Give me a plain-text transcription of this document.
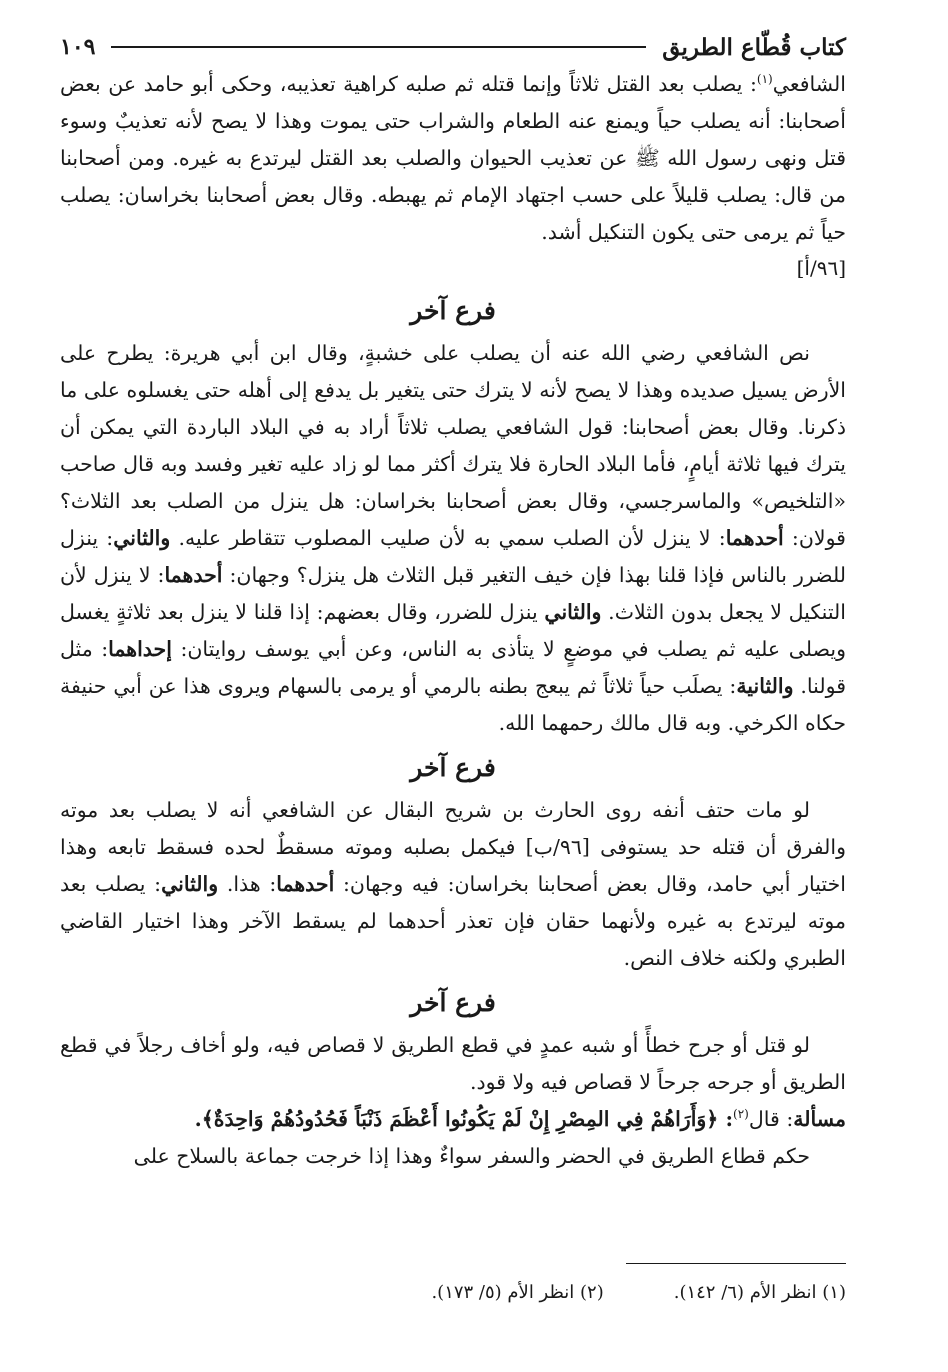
كتاب قُطّاع الطريق
١٠٩

الشافعي$^{(١)}$: يصلب بعد القتل ثلاثاً وإنما قتله ثم صلبه كراهية تعذيبه، وحكى أبو حامد عن بعض أصحابنا: أنه يصلب حياً ويمنع عنه الطعام والشراب حتى يموت وهذا لا يصح لأنه تعذيبٌ وسوء قتل ونهى رسول الله ﷺ عن تعذيب الحيوان والصلب بعد القتل ليرتدع به غيره. ومن أصحابنا من قال: يصلب قليلاً على حسب اجتهاد الإمام ثم يهبطه. وقال بعض أصحابنا بخراسان: يصلب حياً ثم يرمى حتى يكون التنكيل أشد.

[٩٦/أ]

فرع آخر

نص الشافعي رضي الله عنه أن يصلب على خشبةٍ، وقال ابن أبي هريرة: يطرح على الأرض يسيل صديده وهذا لا يصح لأنه لا يترك حتى يتغير بل يدفع إلى أهله حتى يغسلوه على ما ذكرنا. وقال بعض أصحابنا: قول الشافعي يصلب ثلاثاً أراد به في البلاد الباردة التي يمكن أن يترك فيها ثلاثة أيامٍ، فأما البلاد الحارة فلا يترك أكثر مما لو زاد عليه تغير وفسد وبه قال صاحب «التلخيص» والماسرجسي، وقال بعض أصحابنا بخراسان: هل ينزل من الصلب بعد الثلاث؟ قولان: أحدهما: لا ينزل لأن الصلب سمي به لأن صليب المصلوب تتقاطر عليه. والثاني: ينزل للضرر بالناس فإذا قلنا بهذا فإن خيف التغير قبل الثلاث هل ينزل؟ وجهان: أحدهما: لا ينزل لأن التنكيل لا يجعل بدون الثلاث. والثاني ينزل للضرر، وقال بعضهم: إذا قلنا لا ينزل بعد ثلاثةٍ يغسل ويصلى عليه ثم يصلب في موضعٍ لا يتأذى به الناس، وعن أبي يوسف روايتان: إحداهما: مثل قولنا. والثانية: يصلَب حياً ثلاثاً ثم يبعج بطنه بالرمي أو يرمى بالسهام ويروى هذا عن أبي حنيفة حكاه الكرخي. وبه قال مالك رحمهما الله.

فرع آخر

لو مات حتف أنفه روى الحارث بن شريح البقال عن الشافعي أنه لا يصلب بعد موته والفرق أن قتله حد يستوفى [٩٦/ب] فيكمل بصلبه وموته مسقطٌ لحده فسقط تابعه وهذا اختيار أبي حامد، وقال بعض أصحابنا بخراسان: فيه وجهان: أحدهما: هذا. والثاني: يصلب بعد موته ليرتدع به غيره ولأنهما حقان فإن تعذر أحدهما لم يسقط الآخر وهذا اختيار القاضي الطبري ولكنه خلاف النص.

فرع آخر

لو قتل أو جرح خطأً أو شبه عمدٍ في قطع الطريق لا قصاص فيه، ولو أخاف رجلاً في قطع الطريق أو جرحه جرحاً لا قصاص فيه ولا قود.

مسألة: قال$^{(٢)}$: ﴿وَأَرَاهُمْ فِي المِصْرِ إِنْ لَمْ يَكُونُوا أَعْظَمَ ذَنْبَاً فَحُدُودُهُمْ وَاحِدَةٌ﴾.

حكم قطاع الطريق في الحضر والسفر سواءٌ وهذا إذا خرجت جماعة بالسلاح على

(١) انظر الأم (٦/ ١٤٢).
(٢) انظر الأم (٥/ ١٧٣).
